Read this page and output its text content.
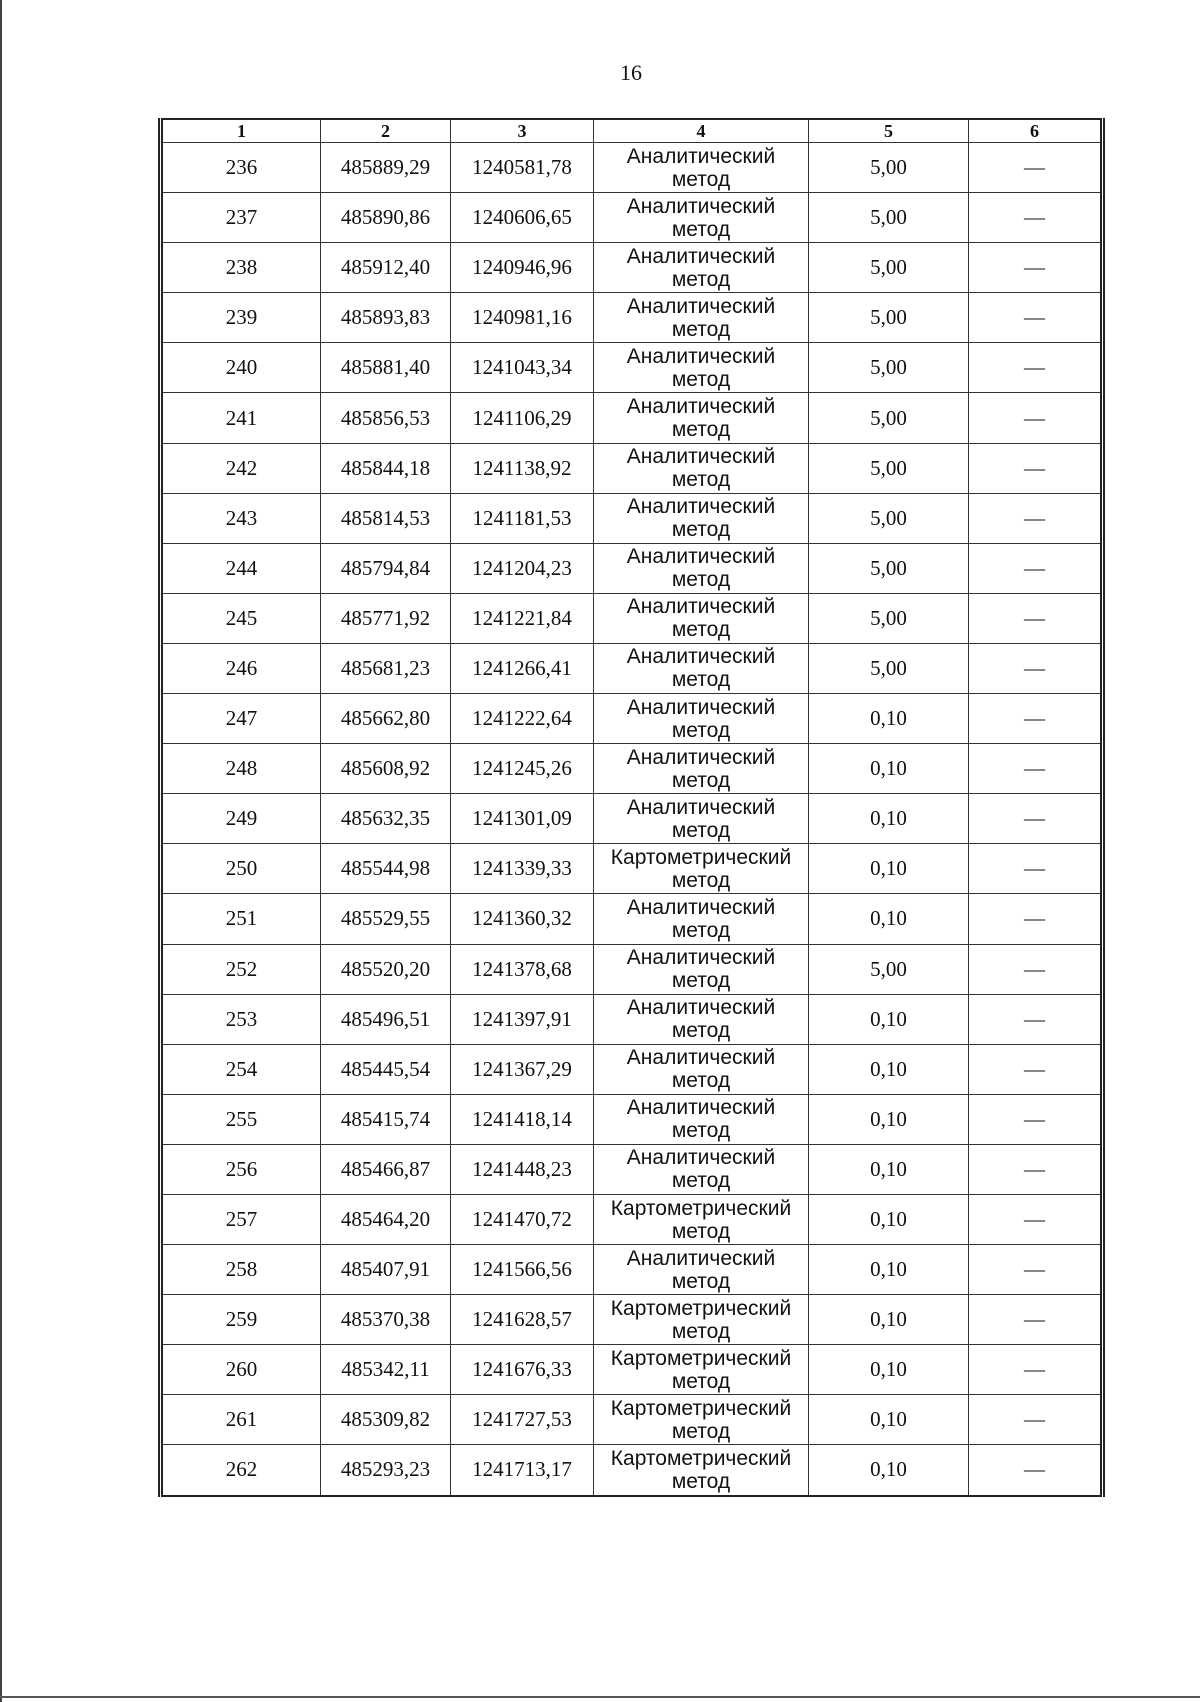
16
1	2	3	4	5	6
236	485889,29	1240581,78	Аналитический
метод	5,00	—
237	485890,86	1240606,65	Аналитический
метод	5,00	—
238	485912,40	1240946,96	Аналитический
метод	5,00	—
239	485893,83	1240981,16	Аналитический
метод	5,00	—
240	485881,40	1241043,34	Аналитический
метод	5,00	—
241	485856,53	1241106,29	Аналитический
метод	5,00	—
242	485844,18	1241138,92	Аналитический
метод	5,00	—
243	485814,53	1241181,53	Аналитический
метод	5,00	—
244	485794,84	1241204,23	Аналитический
метод	5,00	—
245	485771,92	1241221,84	Аналитический
метод	5,00	—
246	485681,23	1241266,41	Аналитический
метод	5,00	—
247	485662,80	1241222,64	Аналитический
метод	0,10	—
248	485608,92	1241245,26	Аналитический
метод	0,10	—
249	485632,35	1241301,09	Аналитический
метод	0,10	—
250	485544,98	1241339,33	Картометрический
метод	0,10	—
251	485529,55	1241360,32	Аналитический
метод	0,10	—
252	485520,20	1241378,68	Аналитический
метод	5,00	—
253	485496,51	1241397,91	Аналитический
метод	0,10	—
254	485445,54	1241367,29	Аналитический
метод	0,10	—
255	485415,74	1241418,14	Аналитический
метод	0,10	—
256	485466,87	1241448,23	Аналитический
метод	0,10	—
257	485464,20	1241470,72	Картометрический
метод	0,10	—
258	485407,91	1241566,56	Аналитический
метод	0,10	—
259	485370,38	1241628,57	Картометрический
метод	0,10	—
260	485342,11	1241676,33	Картометрический
метод	0,10	—
261	485309,82	1241727,53	Картометрический
метод	0,10	—
262	485293,23	1241713,17	Картометрический
метод	0,10	—
